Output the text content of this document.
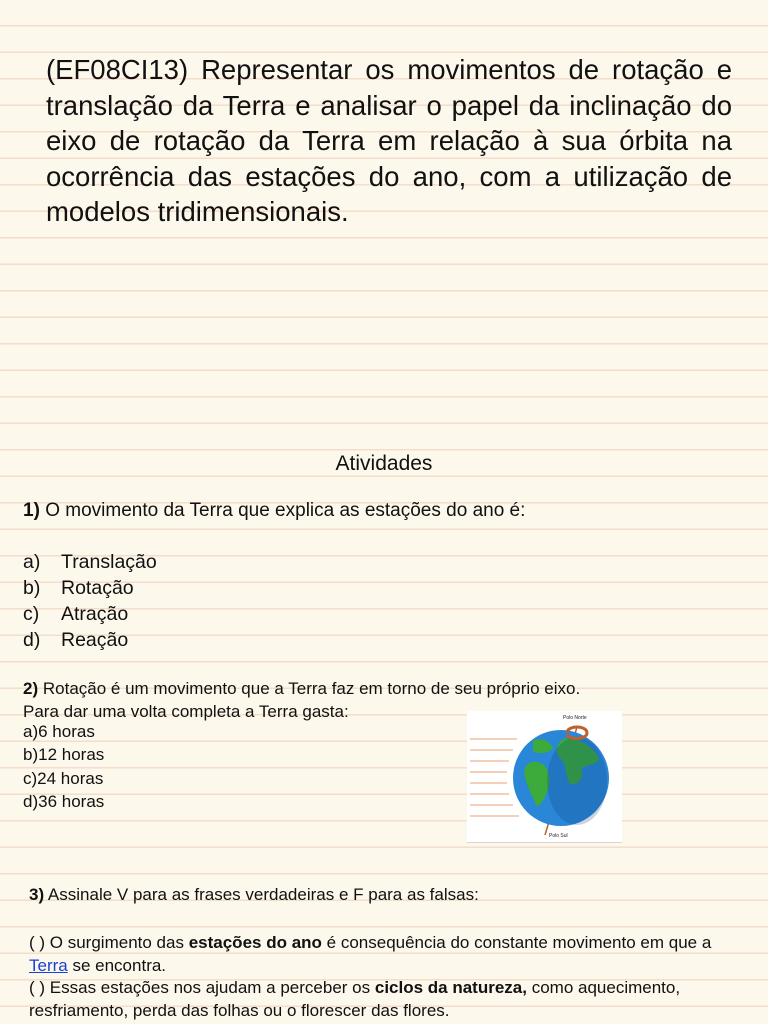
(EF08CI13) Representar os movimentos de rotação e translação da Terra e analisar o papel da inclinação do eixo de rotação da Terra em relação à sua órbita na ocorrência das estações do ano, com a utilização de modelos tridimensionais.
Atividades
1) O movimento da Terra que explica as estações do ano é:
a) Translação
b) Rotação
c) Atração
d) Reação
2) Rotação é um movimento que a Terra faz em torno de seu próprio eixo.
Para dar uma volta completa a Terra gasta:
a)6 horas
b)12 horas
c)24 horas
d)36 horas
Polo Norte
Polo Sul
3) Assinale V para as frases verdadeiras e F para as falsas:
( ) O surgimento das estações do ano é consequência do constante movimento em que a Terra se encontra.
( ) Essas estações nos ajudam a perceber os ciclos da natureza, como aquecimento, resfriamento, perda das folhas ou o florescer das flores.
